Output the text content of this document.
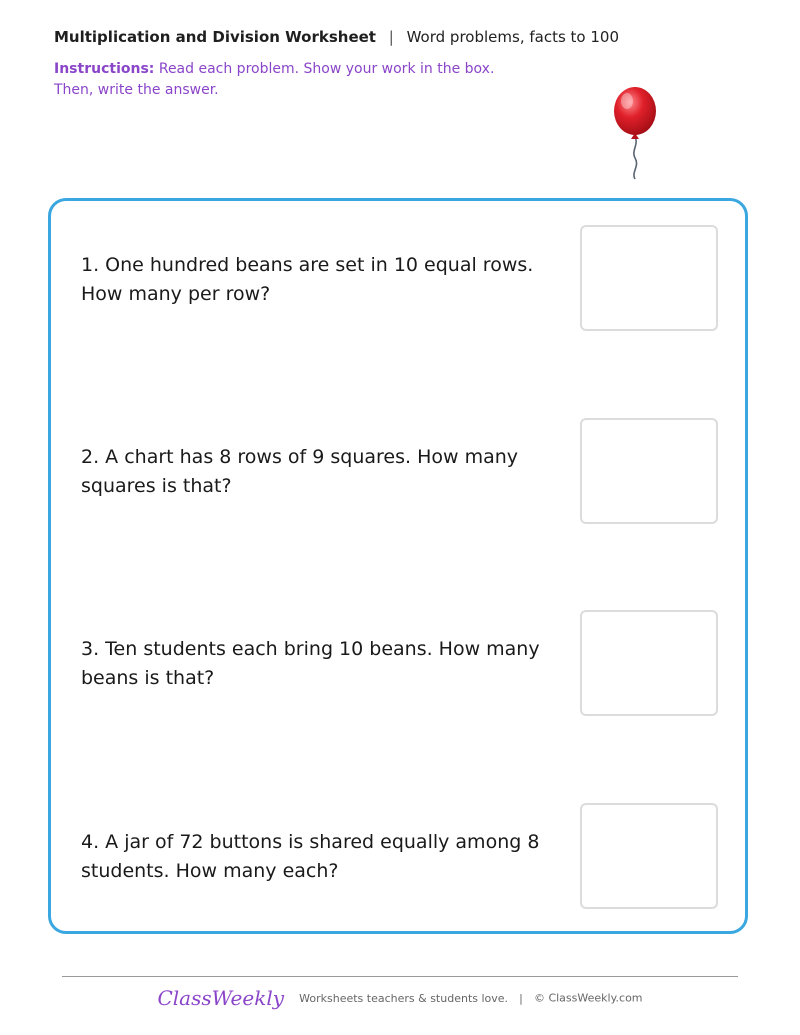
Multiplication and Division Worksheet | Word problems, facts to 100
Instructions: Read each problem. Show your work in the box. Then, write the answer.
1. One hundred beans are set in 10 equal rows. How many per row?
2. A chart has 8 rows of 9 squares. How many squares is that?
3. Ten students each bring 10 beans. How many beans is that?
4. A jar of 72 buttons is shared equally among 8 students. How many each?
ClassWeekly Worksheets teachers & students love. | © ClassWeekly.com
